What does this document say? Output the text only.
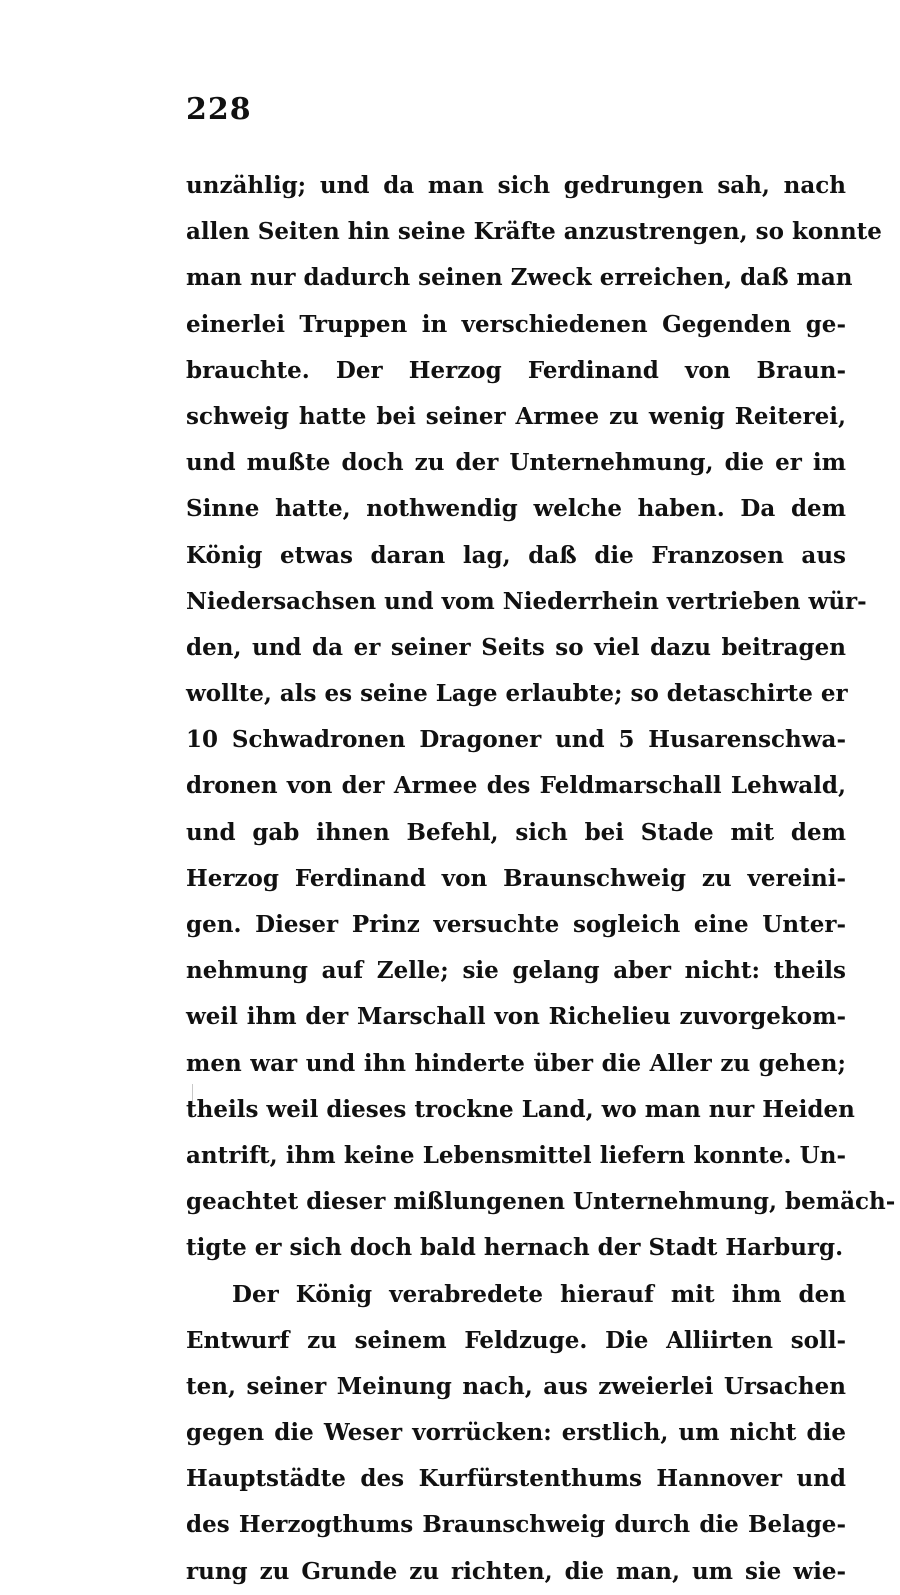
228
unzählig; und da man sich gedrungen sah, nach
allen Seiten hin seine Kräfte anzustrengen, so konnte
man nur dadurch seinen Zweck erreichen, daß man
einerlei Truppen in verschiedenen Gegenden ge-
brauchte. Der Herzog Ferdinand von Braun-
schweig hatte bei seiner Armee zu wenig Reiterei,
und mußte doch zu der Unternehmung, die er im
Sinne hatte, nothwendig welche haben. Da dem
König etwas daran lag, daß die Franzosen aus
Niedersachsen und vom Niederrhein vertrieben wür-
den, und da er seiner Seits so viel dazu beitragen
wollte, als es seine Lage erlaubte; so detaschirte er
10 Schwadronen Dragoner und 5 Husarenschwa-
dronen von der Armee des Feldmarschall Lehwald,
und gab ihnen Befehl, sich bei Stade mit dem
Herzog Ferdinand von Braunschweig zu vereini-
gen. Dieser Prinz versuchte sogleich eine Unter-
nehmung auf Zelle; sie gelang aber nicht: theils
weil ihm der Marschall von Richelieu zuvorgekom-
men war und ihn hinderte über die Aller zu gehen;
theils weil dieses trockne Land, wo man nur Heiden
antrift, ihm keine Lebensmittel liefern konnte. Un-
geachtet dieser mißlungenen Unternehmung, bemäch-
tigte er sich doch bald hernach der Stadt Harburg.
Der König verabredete hierauf mit ihm den
Entwurf zu seinem Feldzuge. Die Alliirten soll-
ten, seiner Meinung nach, aus zweierlei Ursachen
gegen die Weser vorrücken: erstlich, um nicht die
Hauptstädte des Kurfürstenthums Hannover und
des Herzogthums Braunschweig durch die Belage-
rung zu Grunde zu richten, die man, um sie wie-
